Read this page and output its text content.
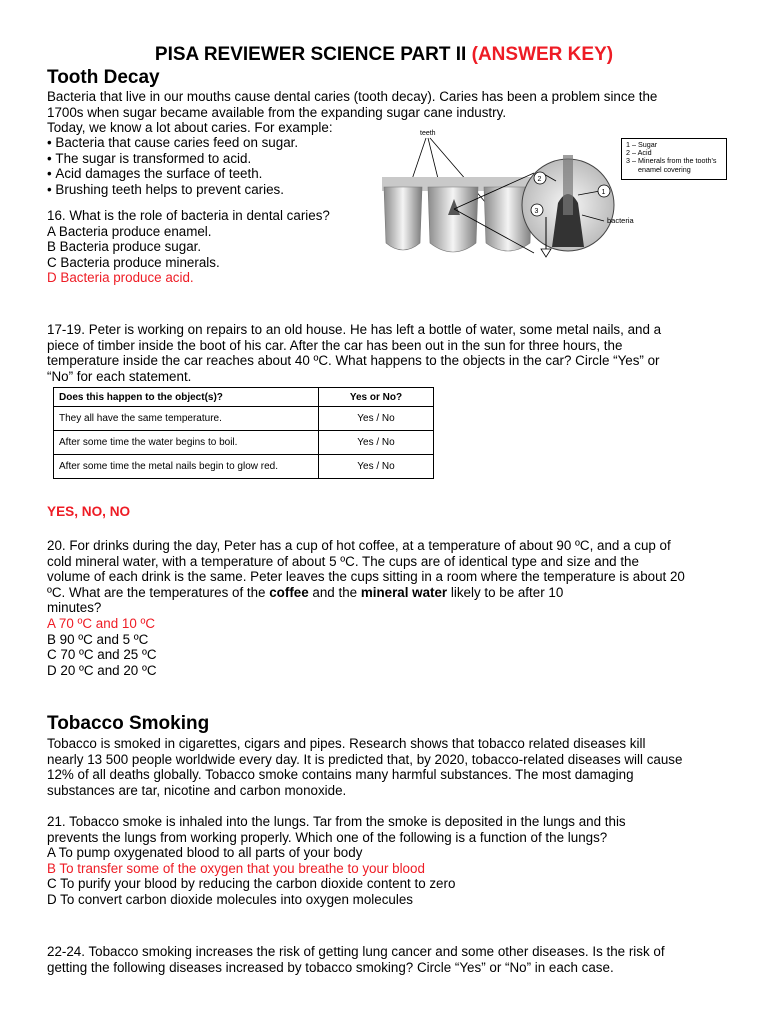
PISA REVIEWER SCIENCE PART II (ANSWER KEY)
Tooth Decay
Bacteria that live in our mouths cause dental caries (tooth decay). Caries has been a problem since the
1700s when sugar became available from the expanding sugar cane industry.
Today, we know a lot about caries. For example:
• Bacteria that cause caries feed on sugar.
• The sugar is transformed to acid.
• Acid damages the surface of teeth.
• Brushing teeth helps to prevent caries.
teeth
2
1
3
bacteria
1 – Sugar
2 – Acid
3 – Minerals from the tooth's
enamel covering
16. What is the role of bacteria in dental caries?
A Bacteria produce enamel.
B Bacteria produce sugar.
C Bacteria produce minerals.
D Bacteria produce acid.
17-19. Peter is working on repairs to an old house. He has left a bottle of water, some metal nails, and a
piece of timber inside the boot of his car. After the car has been out in the sun for three hours, the
temperature inside the car reaches about 40 ºC. What happens to the objects in the car? Circle “Yes” or
“No” for each statement.
Does this happen to the object(s)?	Yes or No?
They all have the same temperature.	Yes / No
After some time the water begins to boil.	Yes / No
After some time the metal nails begin to glow red.	Yes / No
YES, NO, NO
20. For drinks during the day, Peter has a cup of hot coffee, at a temperature of about 90 ºC, and a cup of
cold mineral water, with a temperature of about 5 ºC. The cups are of identical type and size and the
volume of each drink is the same. Peter leaves the cups sitting in a room where the temperature is about 20
ºC. What are the temperatures of the coffee and the mineral water likely to be after 10
minutes?
A 70 ºC and 10 ºC
B 90 ºC and 5 ºC
C 70 ºC and 25 ºC
D 20 ºC and 20 ºC
Tobacco Smoking
Tobacco is smoked in cigarettes, cigars and pipes. Research shows that tobacco related diseases kill
nearly 13 500 people worldwide every day. It is predicted that, by 2020, tobacco-related diseases will cause
12% of all deaths globally. Tobacco smoke contains many harmful substances. The most damaging
substances are tar, nicotine and carbon monoxide.
21. Tobacco smoke is inhaled into the lungs. Tar from the smoke is deposited in the lungs and this
prevents the lungs from working properly. Which one of the following is a function of the lungs?
A To pump oxygenated blood to all parts of your body
B To transfer some of the oxygen that you breathe to your blood
C To purify your blood by reducing the carbon dioxide content to zero
D To convert carbon dioxide molecules into oxygen molecules
22-24. Tobacco smoking increases the risk of getting lung cancer and some other diseases. Is the risk of
getting the following diseases increased by tobacco smoking? Circle “Yes” or “No” in each case.
